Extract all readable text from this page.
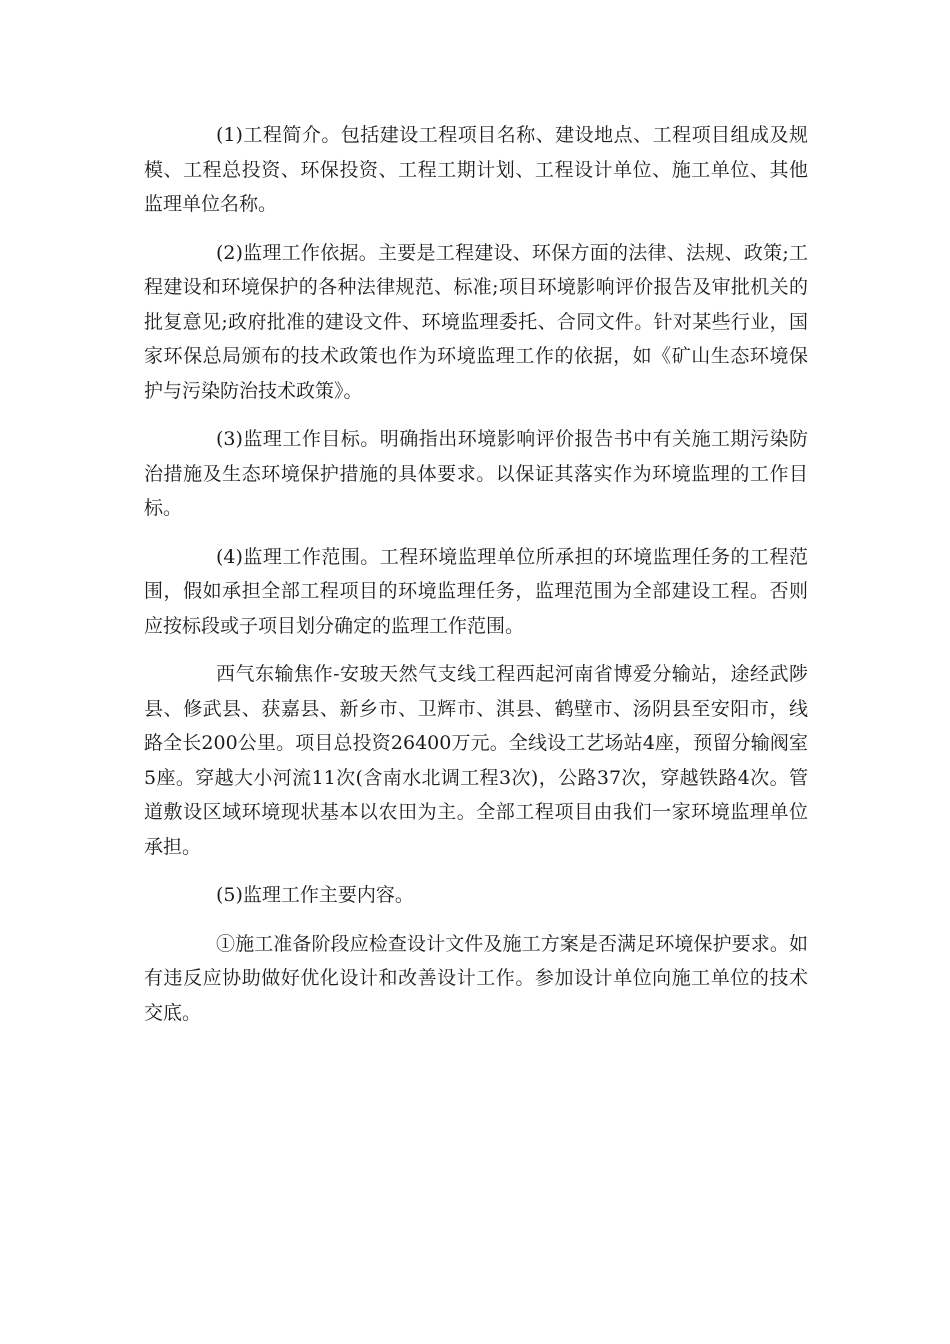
(1)工程简介。包括建设工程项目名称、建设地点、工程项目组成及规模、工程总投资、环保投资、工程工期计划、工程设计单位、施工单位、其他监理单位名称。

(2)监理工作依据。主要是工程建设、环保方面的法律、法规、政策;工程建设和环境保护的各种法律规范、标准;项目环境影响评价报告及审批机关的批复意见;政府批准的建设文件、环境监理委托、合同文件。针对某些行业，国家环保总局颁布的技术政策也作为环境监理工作的依据，如《矿山生态环境保护与污染防治技术政策》。

(3)监理工作目标。明确指出环境影响评价报告书中有关施工期污染防治措施及生态环境保护措施的具体要求。以保证其落实作为环境监理的工作目标。

(4)监理工作范围。工程环境监理单位所承担的环境监理任务的工程范围，假如承担全部工程项目的环境监理任务，监理范围为全部建设工程。否则应按标段或子项目划分确定的监理工作范围。

西气东输焦作-安玻天然气支线工程西起河南省博爱分输站，途经武陟县、修武县、获嘉县、新乡市、卫辉市、淇县、鹤壁市、汤阴县至安阳市，线路全长200公里。项目总投资26400万元。全线设工艺场站4座，预留分输阀室5座。穿越大小河流11次(含南水北调工程3次)，公路37次，穿越铁路4次。管道敷设区域环境现状基本以农田为主。全部工程项目由我们一家环境监理单位承担。

(5)监理工作主要内容。

①施工准备阶段应检查设计文件及施工方案是否满足环境保护要求。如有违反应协助做好优化设计和改善设计工作。参加设计单位向施工单位的技术交底。
